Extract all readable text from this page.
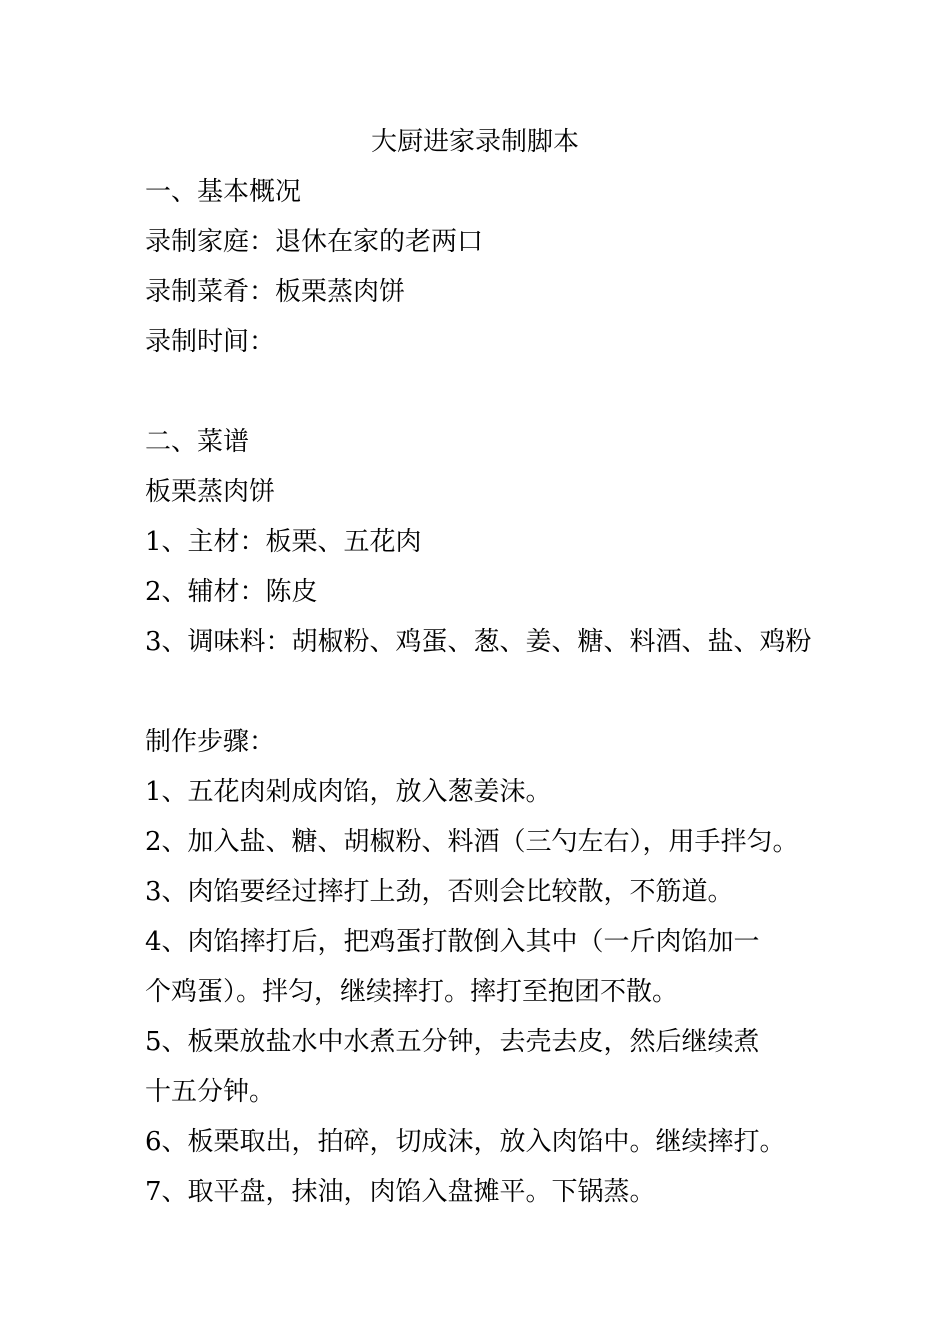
大厨进家录制脚本
一、基本概况
录制家庭：退休在家的老两口
录制菜肴：板栗蒸肉饼
录制时间：
二、菜谱
板栗蒸肉饼
1、主材：板栗、五花肉
2、辅材：陈皮
3、调味料：胡椒粉、鸡蛋、葱、姜、糖、料酒、盐、鸡粉
制作步骤：
1、五花肉剁成肉馅，放入葱姜沫。
2、加入盐、糖、胡椒粉、料酒（三勺左右），用手拌匀。
3、肉馅要经过摔打上劲，否则会比较散，不筋道。
4、肉馅摔打后，把鸡蛋打散倒入其中（一斤肉馅加一
个鸡蛋）。拌匀，继续摔打。摔打至抱团不散。
5、板栗放盐水中水煮五分钟，去壳去皮，然后继续煮
十五分钟。
6、板栗取出，拍碎，切成沫，放入肉馅中。继续摔打。
7、取平盘，抹油，肉馅入盘摊平。下锅蒸。
